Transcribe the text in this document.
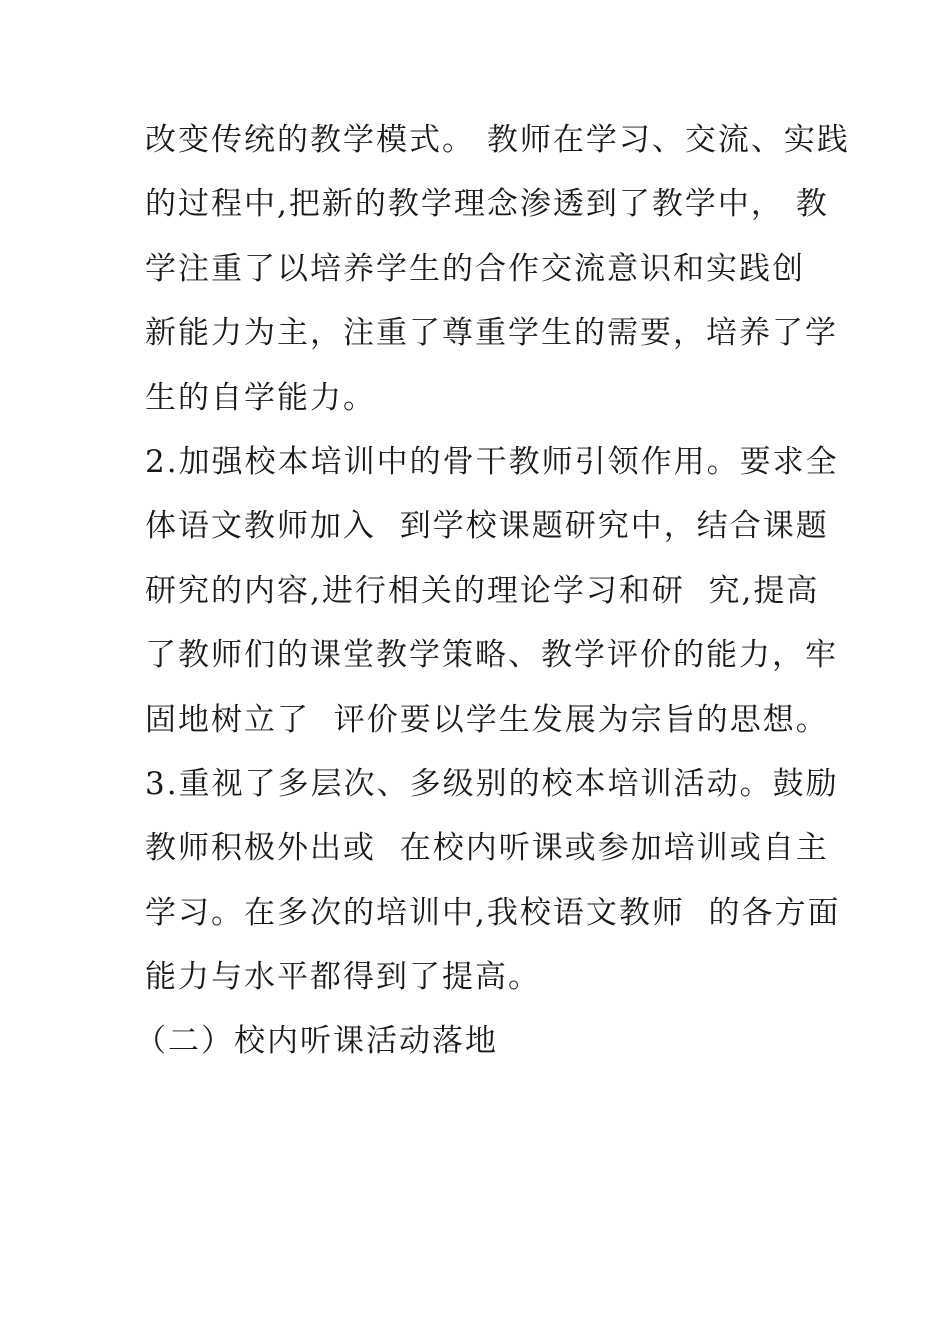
改变传统的教学模式。 教师在学习、交流、实践
的过程中,把新的教学理念渗透到了教学中， 教
学注重了以培养学生的合作交流意识和实践创
新能力为主，注重了尊重学生的需要，培养了学
生的自学能力。
2.加强校本培训中的骨干教师引领作用。要求全
体语文教师加入  到学校课题研究中，结合课题
研究的内容,进行相关的理论学习和研  究,提高
了教师们的课堂教学策略、教学评价的能力，牢
固地树立了  评价要以学生发展为宗旨的思想。
3.重视了多层次、多级别的校本培训活动。鼓励
教师积极外出或  在校内听课或参加培训或自主
学习。在多次的培训中,我校语文教师  的各方面
能力与水平都得到了提高。
（二）校内听课活动落地
